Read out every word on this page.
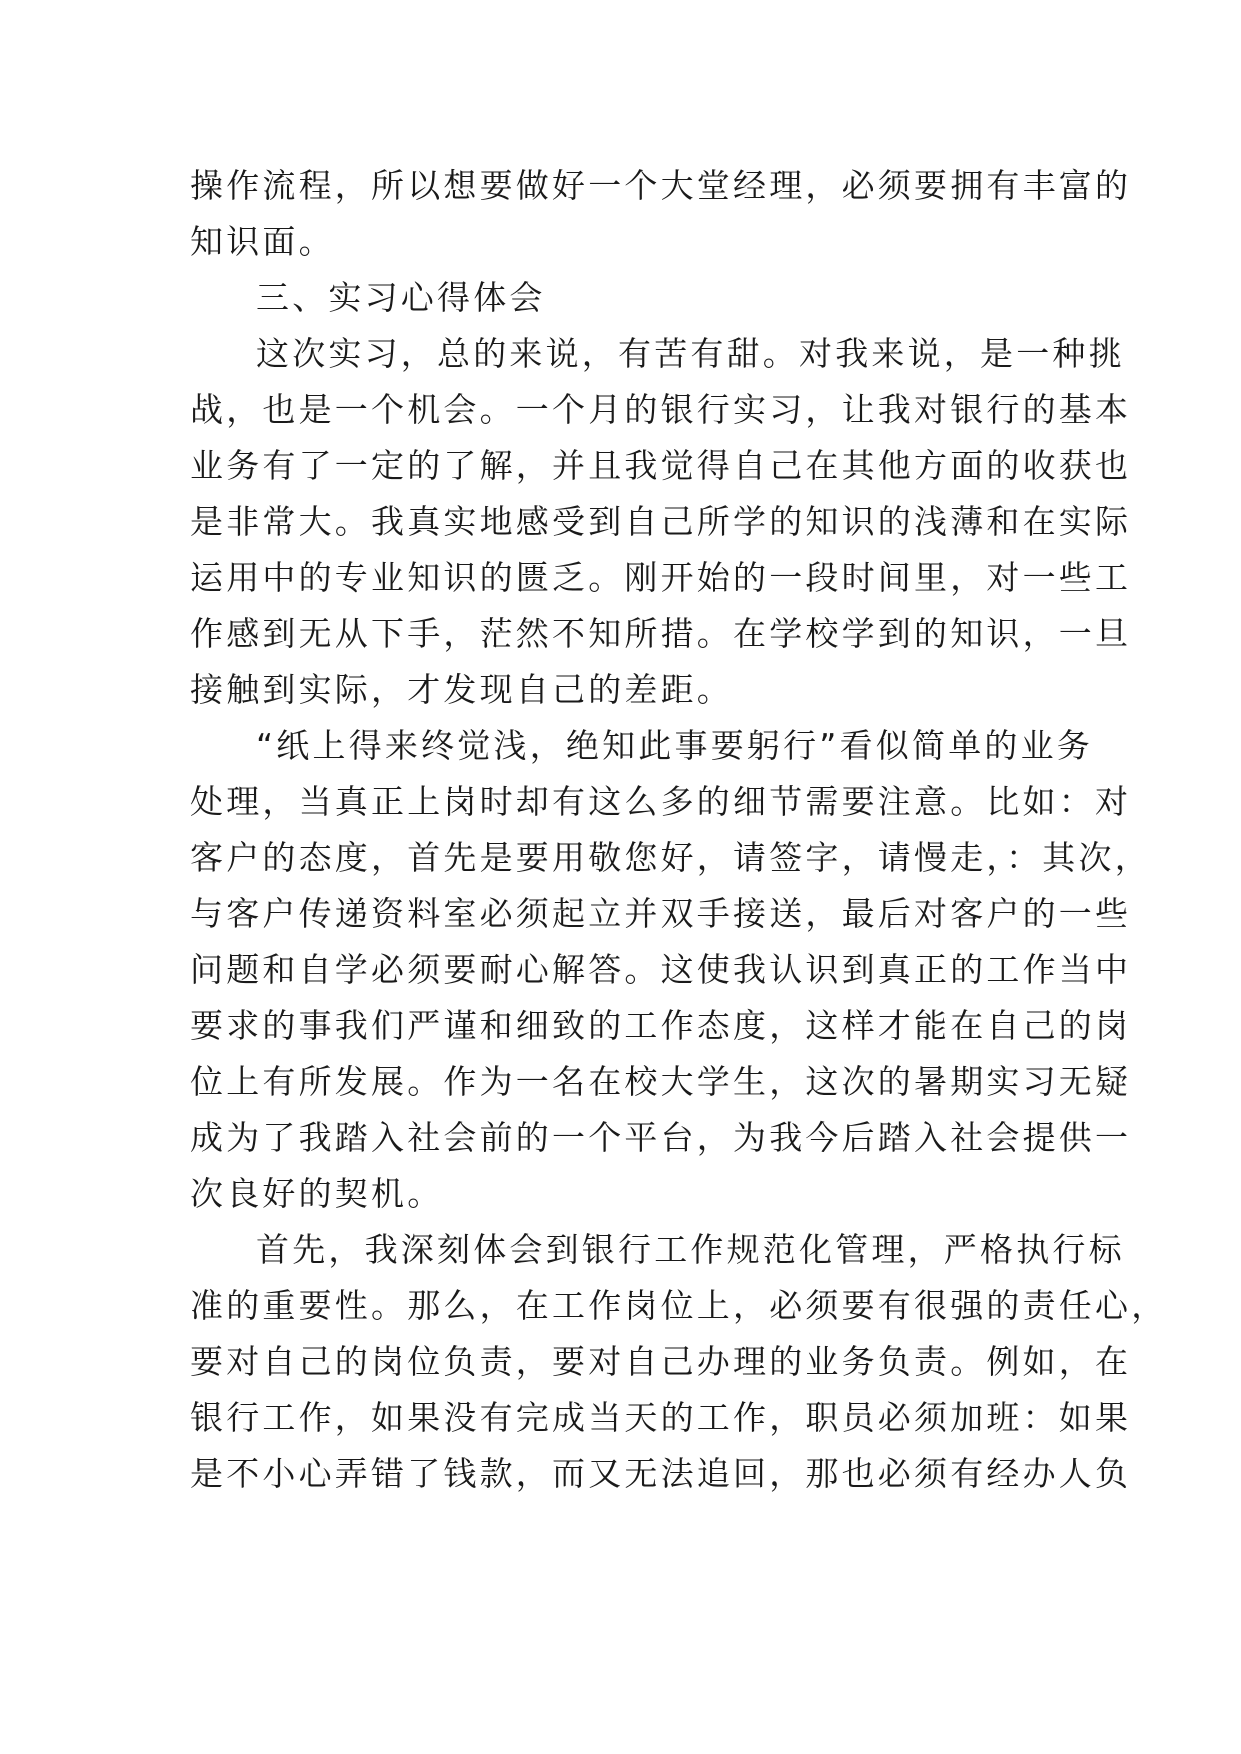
操作流程，所以想要做好一个大堂经理，必须要拥有丰富的
知识面。
三、实习心得体会
这次实习，总的来说，有苦有甜。对我来说，是一种挑
战，也是一个机会。一个月的银行实习，让我对银行的基本
业务有了一定的了解，并且我觉得自己在其他方面的收获也
是非常大。我真实地感受到自己所学的知识的浅薄和在实际
运用中的专业知识的匮乏。刚开始的一段时间里，对一些工
作感到无从下手，茫然不知所措。在学校学到的知识，一旦
接触到实际，才发现自己的差距。
“纸上得来终觉浅，绝知此事要躬行”看似简单的业务
处理，当真正上岗时却有这么多的细节需要注意。比如：对
客户的态度，首先是要用敬您好，请签字，请慢走，：其次，
与客户传递资料室必须起立并双手接送，最后对客户的一些
问题和自学必须要耐心解答。这使我认识到真正的工作当中
要求的事我们严谨和细致的工作态度，这样才能在自己的岗
位上有所发展。作为一名在校大学生，这次的暑期实习无疑
成为了我踏入社会前的一个平台，为我今后踏入社会提供一
次良好的契机。
首先，我深刻体会到银行工作规范化管理，严格执行标
准的重要性。那么，在工作岗位上，必须要有很强的责任心，
要对自己的岗位负责，要对自己办理的业务负责。例如，在
银行工作，如果没有完成当天的工作，职员必须加班：如果
是不小心弄错了钱款，而又无法追回，那也必须有经办人负
